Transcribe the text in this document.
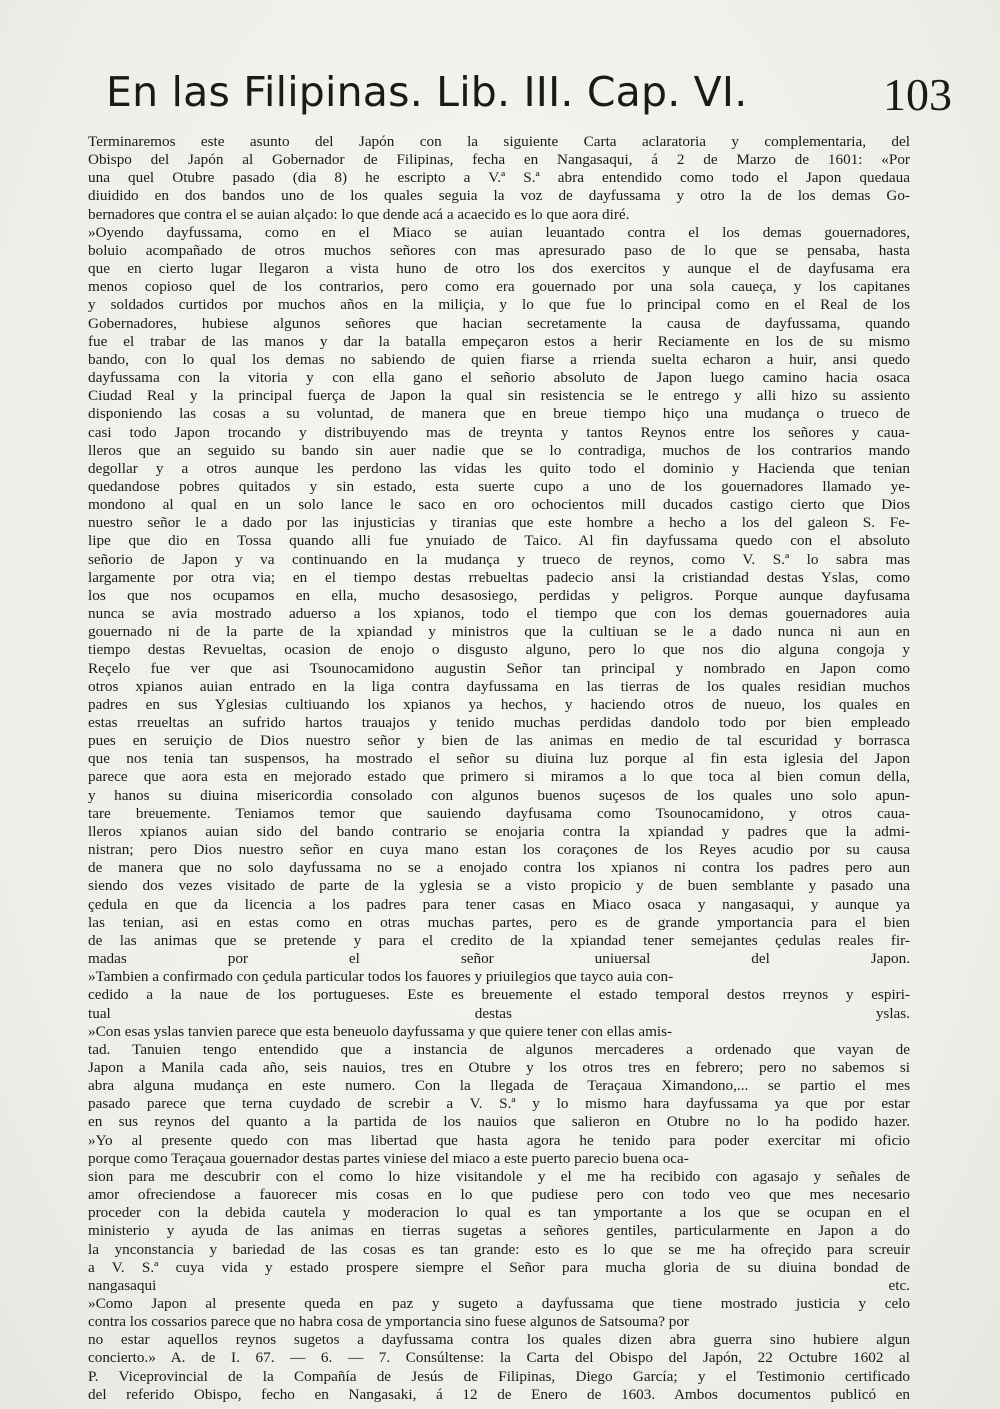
En las Filipinas. Lib. III. Cap. VI.	103
Terminaremos este asunto del Japón con la siguiente Carta aclaratoria y complementaria, del
Obispo del Japón al Gobernador de Filipinas, fecha en Nangasaqui, á 2 de Marzo de 1601: «Por
una quel Otubre pasado (dia 8) he escripto a V.ª S.ª abra entendido como todo el Japon quedaua
diuidido en dos bandos uno de los quales seguia la voz de dayfussama y otro la de los demas Go-
bernadores que contra el se auian alçado: lo que dende acá a acaecido es lo que aora diré.
»Oyendo dayfussama, como en el Miaco se auian leuantado contra el los demas gouernadores,
boluio acompañado de otros muchos señores con mas apresurado paso de lo que se pensaba, hasta
que en cierto lugar llegaron a vista huno de otro los dos exercitos y aunque el de dayfusama era
menos copioso quel de los contrarios, pero como era gouernado por una sola caueça, y los capitanes
y soldados curtidos por muchos años en la miliçia, y lo que fue lo principal como en el Real de los
Gobernadores, hubiese algunos señores que hacian secretamente la causa de dayfussama, quando
fue el trabar de las manos y dar la batalla empeçaron estos a herir Reciamente en los de su mismo
bando, con lo qual los demas no sabiendo de quien fiarse a rrienda suelta echaron a huir, ansi quedo
dayfussama con la vitoria y con ella gano el señorio absoluto de Japon luego camino hacia osaca
Ciudad Real y la principal fuerça de Japon la qual sin resistencia se le entrego y alli hizo su assiento
disponiendo las cosas a su voluntad, de manera que en breue tiempo hiço una mudança o trueco de
casi todo Japon trocando y distribuyendo mas de treynta y tantos Reynos entre los señores y caua-
lleros que an seguido su bando sin auer nadie que se lo contradiga, muchos de los contrarios mando
degollar y a otros aunque les perdono las vidas les quito todo el dominio y Hacienda que tenian
quedandose pobres quitados y sin estado, esta suerte cupo a uno de los gouernadores llamado ye-
mondono al qual en un solo lance le saco en oro ochocientos mill ducados castigo cierto que Dios
nuestro señor le a dado por las injusticias y tiranias que este hombre a hecho a los del galeon S. Fe-
lipe que dio en Tossa quando alli fue ynuiado de Taico. Al fin dayfussama quedo con el absoluto
señorio de Japon y va continuando en la mudança y trueco de reynos, como V. S.ª lo sabra mas
largamente por otra via; en el tiempo destas rrebueltas padecio ansi la cristiandad destas Yslas, como
los que nos ocupamos en ella, mucho desasosiego, perdidas y peligros. Porque aunque dayfusama
nunca se avia mostrado aduerso a los xpianos, todo el tiempo que con los demas gouernadores auia
gouernado ni de la parte de la xpiandad y ministros que la cultiuan se le a dado nunca ni aun en
tiempo destas Revueltas, ocasion de enojo o disgusto alguno, pero lo que nos dio alguna congoja y
Reçelo fue ver que asi Tsounocamidono augustin Señor tan principal y nombrado en Japon como
otros xpianos auian entrado en la liga contra dayfussama en las tierras de los quales residian muchos
padres en sus Yglesias cultiuando los xpianos ya hechos, y haciendo otros de nueuo, los quales en
estas rreueltas an sufrido hartos trauajos y tenido muchas perdidas dandolo todo por bien empleado
pues en seruiçio de Dios nuestro señor y bien de las animas en medio de tal escuridad y borrasca
que nos tenia tan suspensos, ha mostrado el señor su diuina luz porque al fin esta iglesia del Japon
parece que aora esta en mejorado estado que primero si miramos a lo que toca al bien comun della,
y hanos su diuina misericordia consolado con algunos buenos suçesos de los quales uno solo apun-
tare breuemente. Teniamos temor que sauiendo dayfusama como Tsounocamidono, y otros caua-
lleros xpianos auian sido del bando contrario se enojaria contra la xpiandad y padres que la admi-
nistran; pero Dios nuestro señor en cuya mano estan los coraçones de los Reyes acudio por su causa
de manera que no solo dayfussama no se a enojado contra los xpianos ni contra los padres pero aun
siendo dos vezes visitado de parte de la yglesia se a visto propicio y de buen semblante y pasado una
çedula en que da licencia a los padres para tener casas en Miaco osaca y nangasaqui, y aunque ya
las tenian, asi en estas como en otras muchas partes, pero es de grande ymportancia para el bien
de las animas que se pretende y para el credito de la xpiandad tener semejantes çedulas reales fir-
madas por el señor uniuersal del Japon.
»Tambien a confirmado con çedula particular todos los fauores y priuilegios que tayco auia con-
cedido a la naue de los portugueses. Este es breuemente el estado temporal destos rreynos y espiri-
tual destas yslas.
»Con esas yslas tanvien parece que esta beneuolo dayfussama y que quiere tener con ellas amis-
tad. Tanuien tengo entendido que a instancia de algunos mercaderes a ordenado que vayan de
Japon a Manila cada año, seis nauios, tres en Otubre y los otros tres en febrero; pero no sabemos si
abra alguna mudança en este numero. Con la llegada de Teraçaua Ximandono,... se partio el mes
pasado parece que terna cuydado de screbir a V. S.ª y lo mismo hara dayfussama ya que por estar
en sus reynos del quanto a la partida de los nauios que salieron en Otubre no lo ha podido hazer.
»Yo al presente quedo con mas libertad que hasta agora he tenido para poder exercitar mi oficio
porque como Teraçaua gouernador destas partes viniese del miaco a este puerto parecio buena oca-
sion para me descubrir con el como lo hize visitandole y el me ha recibido con agasajo y señales de
amor ofreciendose a fauorecer mis cosas en lo que pudiese pero con todo veo que mes necesario
proceder con la debida cautela y moderacion lo qual es tan ymportante a los que se ocupan en el
ministerio y ayuda de las animas en tierras sugetas a señores gentiles, particularmente en Japon a do
la ynconstancia y bariedad de las cosas es tan grande: esto es lo que se me ha ofreçido para screuir
a V. S.ª cuya vida y estado prospere siempre el Señor para mucha gloria de su diuina bondad de
nangasaqui etc.
»Como Japon al presente queda en paz y sugeto a dayfussama que tiene mostrado justicia y celo
contra los cossarios parece que no habra cosa de ymportancia sino fuese algunos de Satsouma? por
no estar aquellos reynos sugetos a dayfussama contra los quales dizen abra guerra sino hubiere algun
concierto.» A. de I. 67. — 6. — 7. Consúltense: la Carta del Obispo del Japón, 22 Octubre 1602 al
P. Viceprovincial de la Compañía de Jesús de Filipinas, Diego García; y el Testimonio certificado
del referido Obispo, fecho en Nangasaki, á 12 de Enero de 1603. Ambos documentos publicó en
